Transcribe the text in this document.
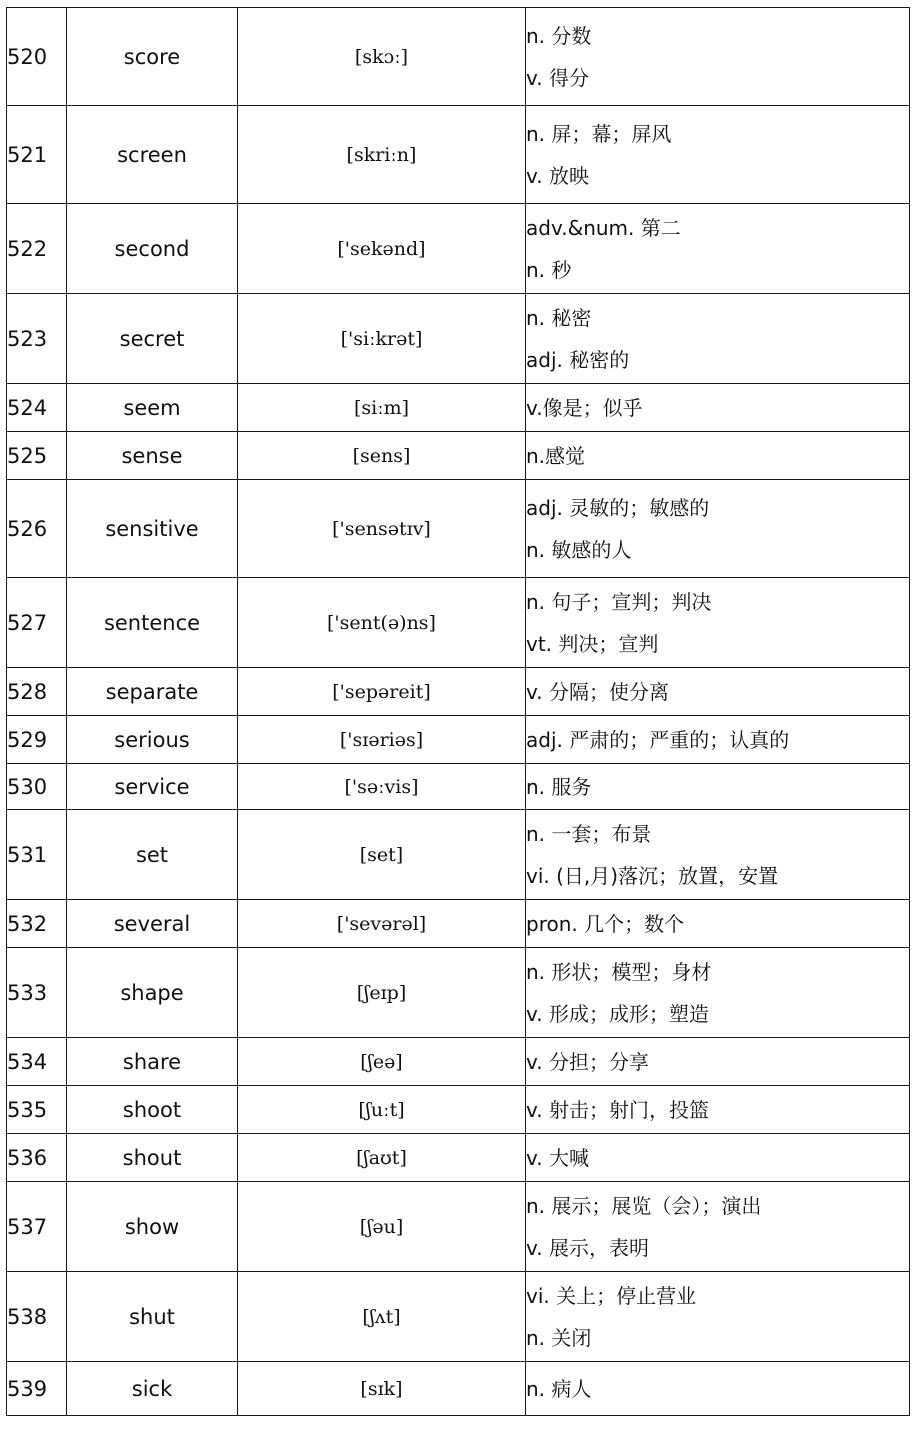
520	score	[skɔː]	n. 分数
v. 得分

521	screen	[skriːn]	n. 屏；幕；屏风
v. 放映

522	second	['sekənd]	adv.&num. 第二
n. 秒

523	secret	['siːkrət]	n. 秘密
adj. 秘密的

524	seem	[siːm]	v.像是；似乎

525	sense	[sens]	n.感觉

526	sensitive	['sensətɪv]	adj. 灵敏的；敏感的
n. 敏感的人

527	sentence	['sent(ə)ns]	n. 句子；宣判；判决
vt. 判决；宣判

528	separate	['sepəreit]	v. 分隔；使分离

529	serious	['sɪəriəs]	adj. 严肃的；严重的；认真的

530	service	['səːvis]	n. 服务

531	set	[set]	n. 一套；布景
vi. (日,月)落沉；放置，安置

532	several	['sevərəl]	pron. 几个；数个

533	shape	[ʃeɪp]	n. 形状；模型；身材
v. 形成；成形；塑造

534	share	[ʃeə]	v. 分担；分享

535	shoot	[ʃuːt]	v. 射击；射门，投篮

536	shout	[ʃaʊt]	v. 大喊

537	show	[ʃəu]	n. 展示；展览（会）；演出
v. 展示，表明

538	shut	[ʃʌt]	vi. 关上；停止营业
n. 关闭

539	sick	[sɪk]	n. 病人
